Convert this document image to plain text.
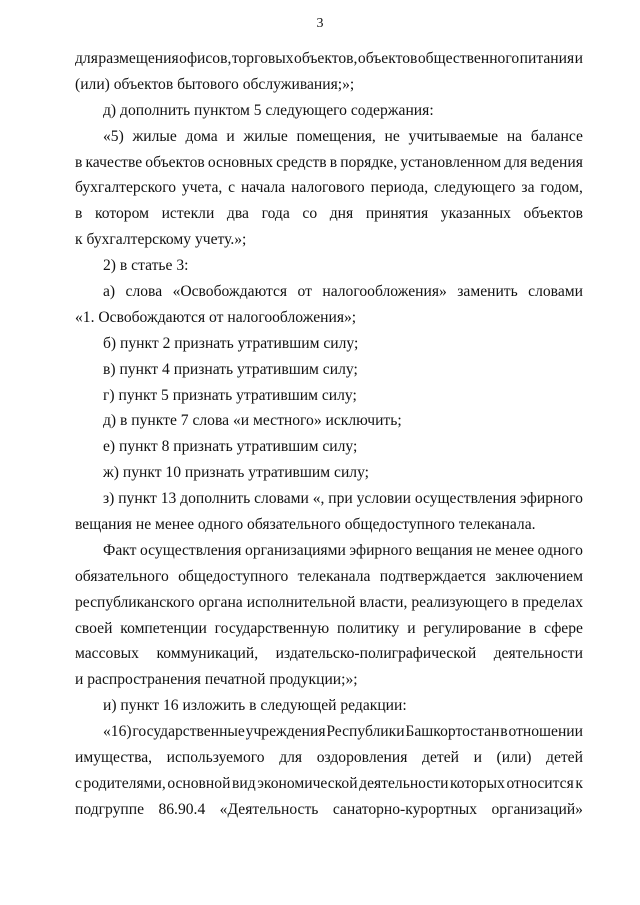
3
для размещения офисов, торговых объектов, объектов общественного питания и
(или) объектов бытового обслуживания;»;
д) дополнить пунктом 5 следующего содержания:
«5) жилые дома и жилые помещения, не учитываемые на балансе
в качестве объектов основных средств в порядке, установленном для ведения
бухгалтерского учета, с начала налогового периода, следующего за годом,
в котором истекли два года со дня принятия указанных объектов
к бухгалтерскому учету.»;
2) в статье 3:
а) слова «Освобождаются от налогообложения» заменить словами
«1. Освобождаются от налогообложения»;
б) пункт 2 признать утратившим силу;
в) пункт 4 признать утратившим силу;
г) пункт 5 признать утратившим силу;
д) в пункте 7 слова «и местного» исключить;
е) пункт 8 признать утратившим силу;
ж) пункт 10 признать утратившим силу;
з) пункт 13 дополнить словами «, при условии осуществления эфирного
вещания не менее одного обязательного общедоступного телеканала.
Факт осуществления организациями эфирного вещания не менее одного
обязательного общедоступного телеканала подтверждается заключением
республиканского органа исполнительной власти, реализующего в пределах
своей компетенции государственную политику и регулирование в сфере
массовых коммуникаций, издательско-полиграфической деятельности
и распространения печатной продукции;»;
и) пункт 16 изложить в следующей редакции:
«16) государственные учреждения Республики Башкортостан в отношении
имущества, используемого для оздоровления детей и (или) детей
с родителями, основной вид экономической деятельности которых относится к
подгруппе 86.90.4 «Деятельность санаторно-курортных организаций»
